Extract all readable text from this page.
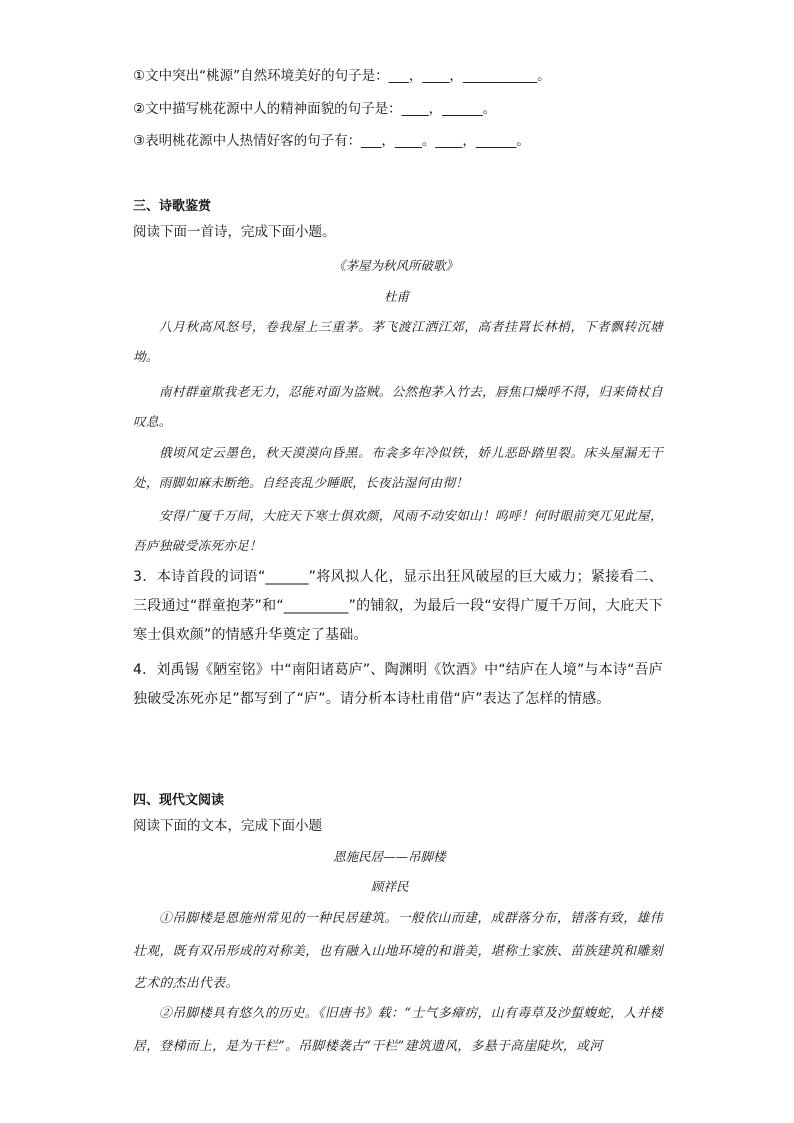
①文中突出“桃源”自然环境美好的句子是：___，____，___________。
②文中描写桃花源中人的精神面貌的句子是：____，______。
③表明桃花源中人热情好客的句子有：___，____。____，______。
三、诗歌鉴赏
阅读下面一首诗，完成下面小题。
《茅屋为秋风所破歌》
杜甫
八月秋高风怒号，卷我屋上三重茅。茅飞渡江洒江郊，高者挂罥长林梢，下者飘转沉塘坳。
南村群童欺我老无力，忍能对面为盗贼。公然抱茅入竹去，唇焦口燥呼不得，归来倚杖自叹息。
俄顷风定云墨色，秋天漠漠向昏黑。布衾多年冷似铁，娇儿恶卧踏里裂。床头屋漏无干处，雨脚如麻未断绝。自经丧乱少睡眠，长夜沾湿何由彻！
安得广厦千万间，大庇天下寒士俱欢颜，风雨不动安如山！呜呼！何时眼前突兀见此屋，吾庐独破受冻死亦足！
3．本诗首段的词语“______”将风拟人化，显示出狂风破屋的巨大威力；紧接看二、三段通过“群童抱茅”和“_________”的铺叙，为最后一段“安得广厦千万间，大庇天下寒士俱欢颜”的情感升华奠定了基础。
4．刘禹锡《陋室铭》中“南阳诸葛庐”、陶渊明《饮酒》中“结庐在人境”与本诗“吾庐独破受冻死亦足”都写到了“庐”。请分析本诗杜甫借“庐”表达了怎样的情感。
四、现代文阅读
阅读下面的文本，完成下面小题
恩施民居——吊脚楼
顾祥民
①吊脚楼是恩施州常见的一种民居建筑。一般依山而建，成群落分布，错落有致，雄伟壮观，既有双吊形成的对称美，也有融入山地环境的和谐美，堪称土家族、苗族建筑和雕刻艺术的杰出代表。
②吊脚楼具有悠久的历史。《旧唐书》载：“士气多瘴疠，山有毒草及沙蜇蝮蛇，人并楼居，登梯而上，是为干栏”。吊脚楼袭古“干栏”建筑遗风，多悬于高崖陡坎，或河
